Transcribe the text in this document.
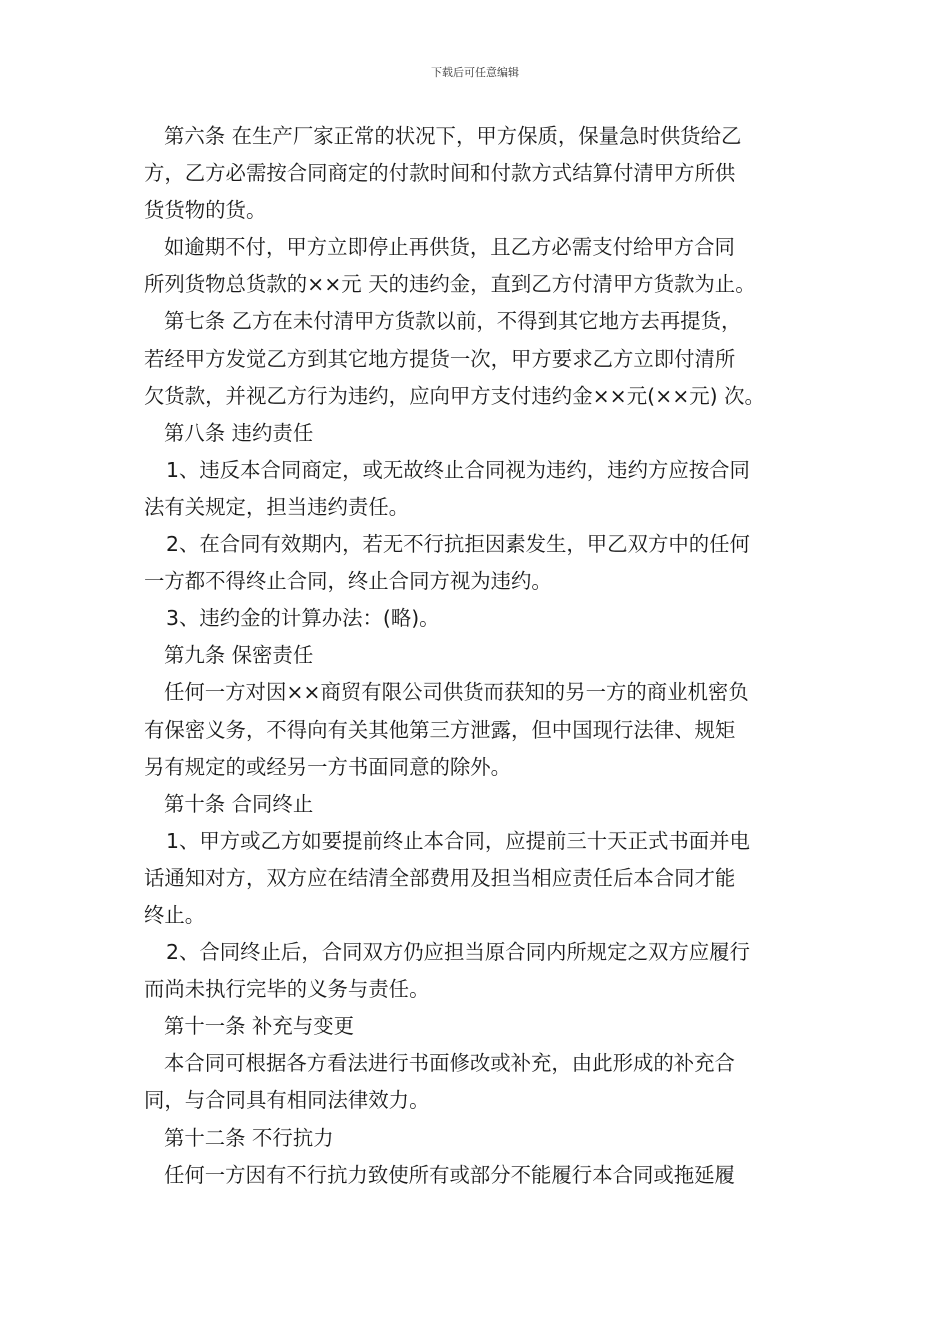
下载后可任意编辑
第六条 在生产厂家正常的状况下，甲方保质，保量急时供货给乙
方，乙方必需按合同商定的付款时间和付款方式结算付清甲方所供
货货物的货。
如逾期不付，甲方立即停止再供货，且乙方必需支付给甲方合同
所列货物总货款的××元 天的违约金，直到乙方付清甲方货款为止。
第七条 乙方在未付清甲方货款以前，不得到其它地方去再提货，
若经甲方发觉乙方到其它地方提货一次，甲方要求乙方立即付清所
欠货款，并视乙方行为违约，应向甲方支付违约金××元(××元) 次。
第八条 违约责任
1、违反本合同商定，或无故终止合同视为违约，违约方应按合同
法有关规定，担当违约责任。
2、在合同有效期内，若无不行抗拒因素发生，甲乙双方中的任何
一方都不得终止合同，终止合同方视为违约。
3、违约金的计算办法：(略)。
第九条 保密责任
任何一方对因××商贸有限公司供货而获知的另一方的商业机密负
有保密义务，不得向有关其他第三方泄露，但中国现行法律、规矩
另有规定的或经另一方书面同意的除外。
第十条 合同终止
1、甲方或乙方如要提前终止本合同，应提前三十天正式书面并电
话通知对方，双方应在结清全部费用及担当相应责任后本合同才能
终止。
2、合同终止后，合同双方仍应担当原合同内所规定之双方应履行
而尚未执行完毕的义务与责任。
第十一条 补充与变更
本合同可根据各方看法进行书面修改或补充，由此形成的补充合
同，与合同具有相同法律效力。
第十二条 不行抗力
任何一方因有不行抗力致使所有或部分不能履行本合同或拖延履
